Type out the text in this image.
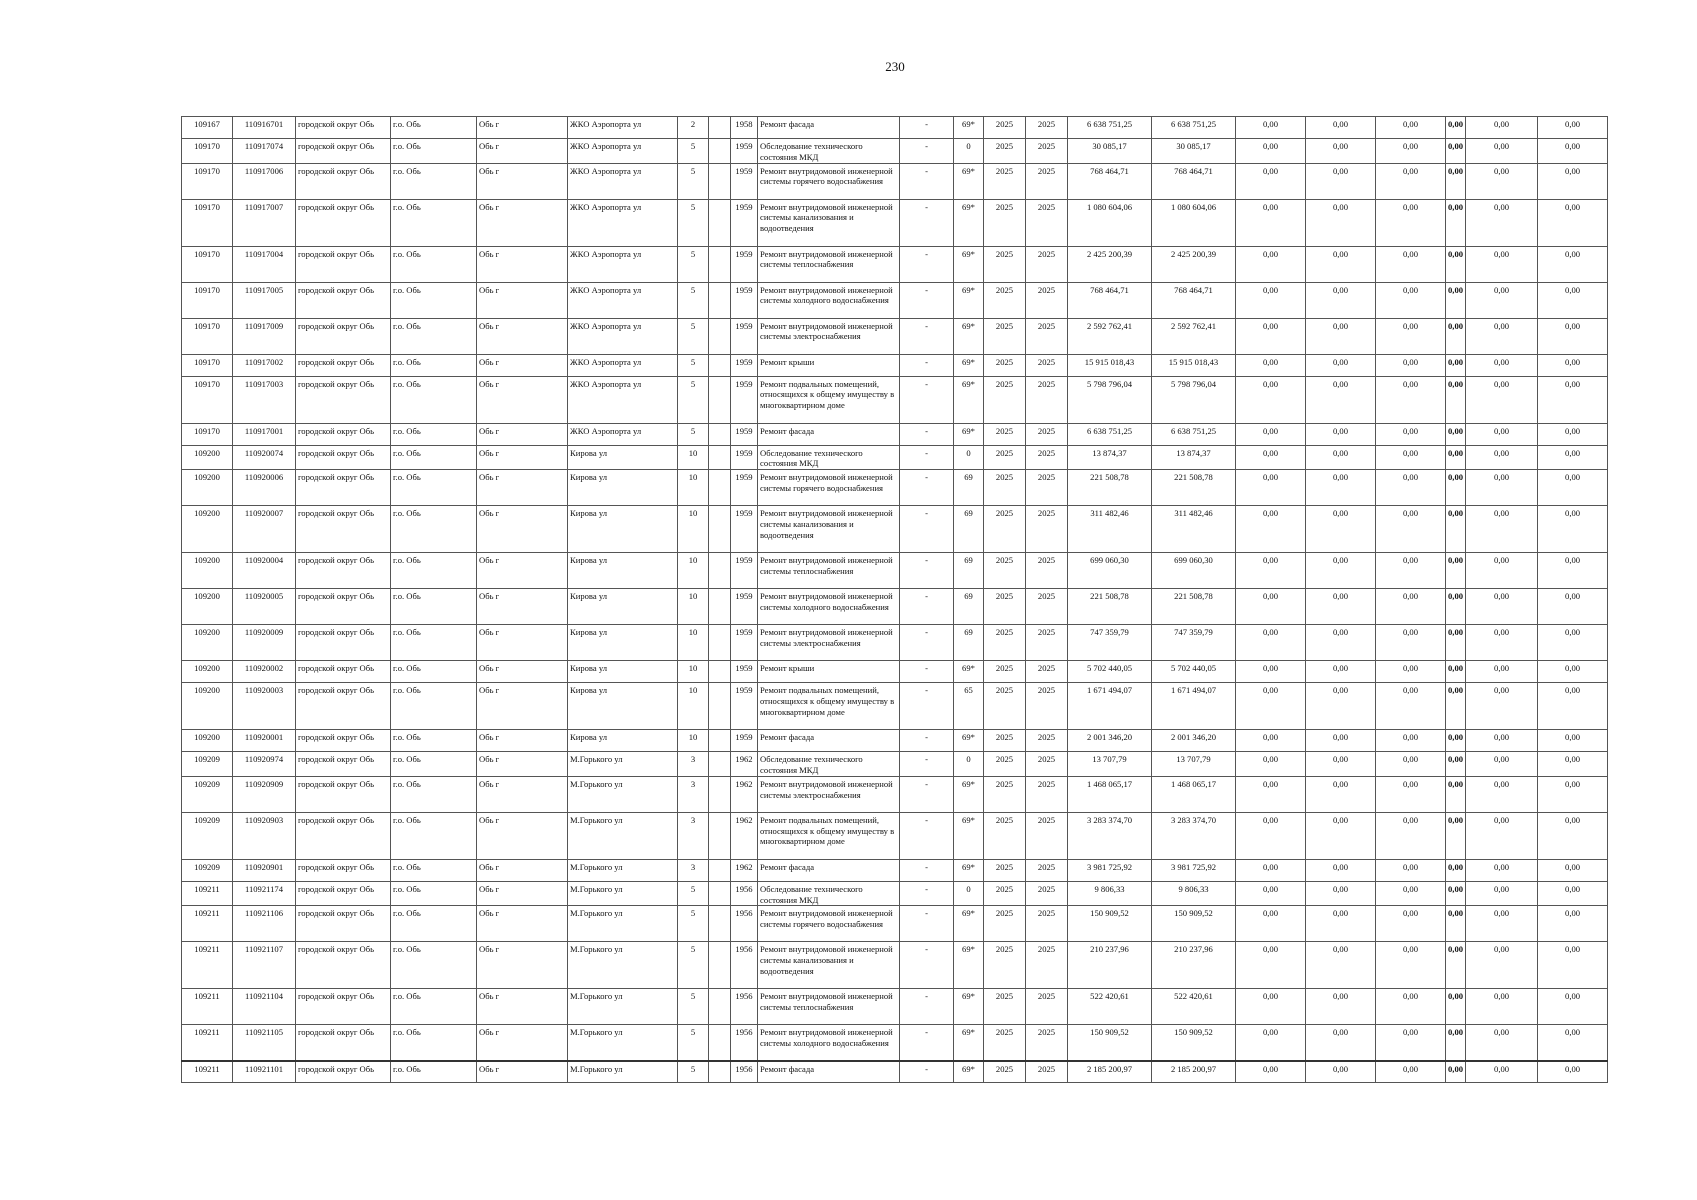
230
109167	110916701	городской округ Обь	г.о. Обь	Обь г	ЖКО Аэропорта ул	2		1958	Ремонт фасада	-	69*	2025	2025	6 638 751,25	6 638 751,25	0,00	0,00	0,00	0,00	0,00	0,00
109170	110917074	городской округ Обь	г.о. Обь	Обь г	ЖКО Аэропорта ул	5		1959	Обследование технического состояния МКД	-	0	2025	2025	30 085,17	30 085,17	0,00	0,00	0,00	0,00	0,00	0,00
109170	110917006	городской округ Обь	г.о. Обь	Обь г	ЖКО Аэропорта ул	5		1959	Ремонт внутридомовой инженерной системы горячего водоснабжения	-	69*	2025	2025	768 464,71	768 464,71	0,00	0,00	0,00	0,00	0,00	0,00
109170	110917007	городской округ Обь	г.о. Обь	Обь г	ЖКО Аэропорта ул	5		1959	Ремонт внутридомовой инженерной системы канализования и водоотведения	-	69*	2025	2025	1 080 604,06	1 080 604,06	0,00	0,00	0,00	0,00	0,00	0,00
109170	110917004	городской округ Обь	г.о. Обь	Обь г	ЖКО Аэропорта ул	5		1959	Ремонт внутридомовой инженерной системы теплоснабжения	-	69*	2025	2025	2 425 200,39	2 425 200,39	0,00	0,00	0,00	0,00	0,00	0,00
109170	110917005	городской округ Обь	г.о. Обь	Обь г	ЖКО Аэропорта ул	5		1959	Ремонт внутридомовой инженерной системы холодного водоснабжения	-	69*	2025	2025	768 464,71	768 464,71	0,00	0,00	0,00	0,00	0,00	0,00
109170	110917009	городской округ Обь	г.о. Обь	Обь г	ЖКО Аэропорта ул	5		1959	Ремонт внутридомовой инженерной системы электроснабжения	-	69*	2025	2025	2 592 762,41	2 592 762,41	0,00	0,00	0,00	0,00	0,00	0,00
109170	110917002	городской округ Обь	г.о. Обь	Обь г	ЖКО Аэропорта ул	5		1959	Ремонт крыши	-	69*	2025	2025	15 915 018,43	15 915 018,43	0,00	0,00	0,00	0,00	0,00	0,00
109170	110917003	городской округ Обь	г.о. Обь	Обь г	ЖКО Аэропорта ул	5		1959	Ремонт подвальных помещений, относящихся к общему имуществу в многоквартирном доме	-	69*	2025	2025	5 798 796,04	5 798 796,04	0,00	0,00	0,00	0,00	0,00	0,00
109170	110917001	городской округ Обь	г.о. Обь	Обь г	ЖКО Аэропорта ул	5		1959	Ремонт фасада	-	69*	2025	2025	6 638 751,25	6 638 751,25	0,00	0,00	0,00	0,00	0,00	0,00
109200	110920074	городской округ Обь	г.о. Обь	Обь г	Кирова ул	10		1959	Обследование технического состояния МКД	-	0	2025	2025	13 874,37	13 874,37	0,00	0,00	0,00	0,00	0,00	0,00
109200	110920006	городской округ Обь	г.о. Обь	Обь г	Кирова ул	10		1959	Ремонт внутридомовой инженерной системы горячего водоснабжения	-	69	2025	2025	221 508,78	221 508,78	0,00	0,00	0,00	0,00	0,00	0,00
109200	110920007	городской округ Обь	г.о. Обь	Обь г	Кирова ул	10		1959	Ремонт внутридомовой инженерной системы канализования и водоотведения	-	69	2025	2025	311 482,46	311 482,46	0,00	0,00	0,00	0,00	0,00	0,00
109200	110920004	городской округ Обь	г.о. Обь	Обь г	Кирова ул	10		1959	Ремонт внутридомовой инженерной системы теплоснабжения	-	69	2025	2025	699 060,30	699 060,30	0,00	0,00	0,00	0,00	0,00	0,00
109200	110920005	городской округ Обь	г.о. Обь	Обь г	Кирова ул	10		1959	Ремонт внутридомовой инженерной системы холодного водоснабжения	-	69	2025	2025	221 508,78	221 508,78	0,00	0,00	0,00	0,00	0,00	0,00
109200	110920009	городской округ Обь	г.о. Обь	Обь г	Кирова ул	10		1959	Ремонт внутридомовой инженерной системы электроснабжения	-	69	2025	2025	747 359,79	747 359,79	0,00	0,00	0,00	0,00	0,00	0,00
109200	110920002	городской округ Обь	г.о. Обь	Обь г	Кирова ул	10		1959	Ремонт крыши	-	69*	2025	2025	5 702 440,05	5 702 440,05	0,00	0,00	0,00	0,00	0,00	0,00
109200	110920003	городской округ Обь	г.о. Обь	Обь г	Кирова ул	10		1959	Ремонт подвальных помещений, относящихся к общему имуществу в многоквартирном доме	-	65	2025	2025	1 671 494,07	1 671 494,07	0,00	0,00	0,00	0,00	0,00	0,00
109200	110920001	городской округ Обь	г.о. Обь	Обь г	Кирова ул	10		1959	Ремонт фасада	-	69*	2025	2025	2 001 346,20	2 001 346,20	0,00	0,00	0,00	0,00	0,00	0,00
109209	110920974	городской округ Обь	г.о. Обь	Обь г	М.Горького ул	3		1962	Обследование технического состояния МКД	-	0	2025	2025	13 707,79	13 707,79	0,00	0,00	0,00	0,00	0,00	0,00
109209	110920909	городской округ Обь	г.о. Обь	Обь г	М.Горького ул	3		1962	Ремонт внутридомовой инженерной системы электроснабжения	-	69*	2025	2025	1 468 065,17	1 468 065,17	0,00	0,00	0,00	0,00	0,00	0,00
109209	110920903	городской округ Обь	г.о. Обь	Обь г	М.Горького ул	3		1962	Ремонт подвальных помещений, относящихся к общему имуществу в многоквартирном доме	-	69*	2025	2025	3 283 374,70	3 283 374,70	0,00	0,00	0,00	0,00	0,00	0,00
109209	110920901	городской округ Обь	г.о. Обь	Обь г	М.Горького ул	3		1962	Ремонт фасада	-	69*	2025	2025	3 981 725,92	3 981 725,92	0,00	0,00	0,00	0,00	0,00	0,00
109211	110921174	городской округ Обь	г.о. Обь	Обь г	М.Горького ул	5		1956	Обследование технического состояния МКД	-	0	2025	2025	9 806,33	9 806,33	0,00	0,00	0,00	0,00	0,00	0,00
109211	110921106	городской округ Обь	г.о. Обь	Обь г	М.Горького ул	5		1956	Ремонт внутридомовой инженерной системы горячего водоснабжения	-	69*	2025	2025	150 909,52	150 909,52	0,00	0,00	0,00	0,00	0,00	0,00
109211	110921107	городской округ Обь	г.о. Обь	Обь г	М.Горького ул	5		1956	Ремонт внутридомовой инженерной системы канализования и водоотведения	-	69*	2025	2025	210 237,96	210 237,96	0,00	0,00	0,00	0,00	0,00	0,00
109211	110921104	городской округ Обь	г.о. Обь	Обь г	М.Горького ул	5		1956	Ремонт внутридомовой инженерной системы теплоснабжения	-	69*	2025	2025	522 420,61	522 420,61	0,00	0,00	0,00	0,00	0,00	0,00
109211	110921105	городской округ Обь	г.о. Обь	Обь г	М.Горького ул	5		1956	Ремонт внутридомовой инженерной системы холодного водоснабжения	-	69*	2025	2025	150 909,52	150 909,52	0,00	0,00	0,00	0,00	0,00	0,00
109211	110921101	городской округ Обь	г.о. Обь	Обь г	М.Горького ул	5		1956	Ремонт фасада	-	69*	2025	2025	2 185 200,97	2 185 200,97	0,00	0,00	0,00	0,00	0,00	0,00
